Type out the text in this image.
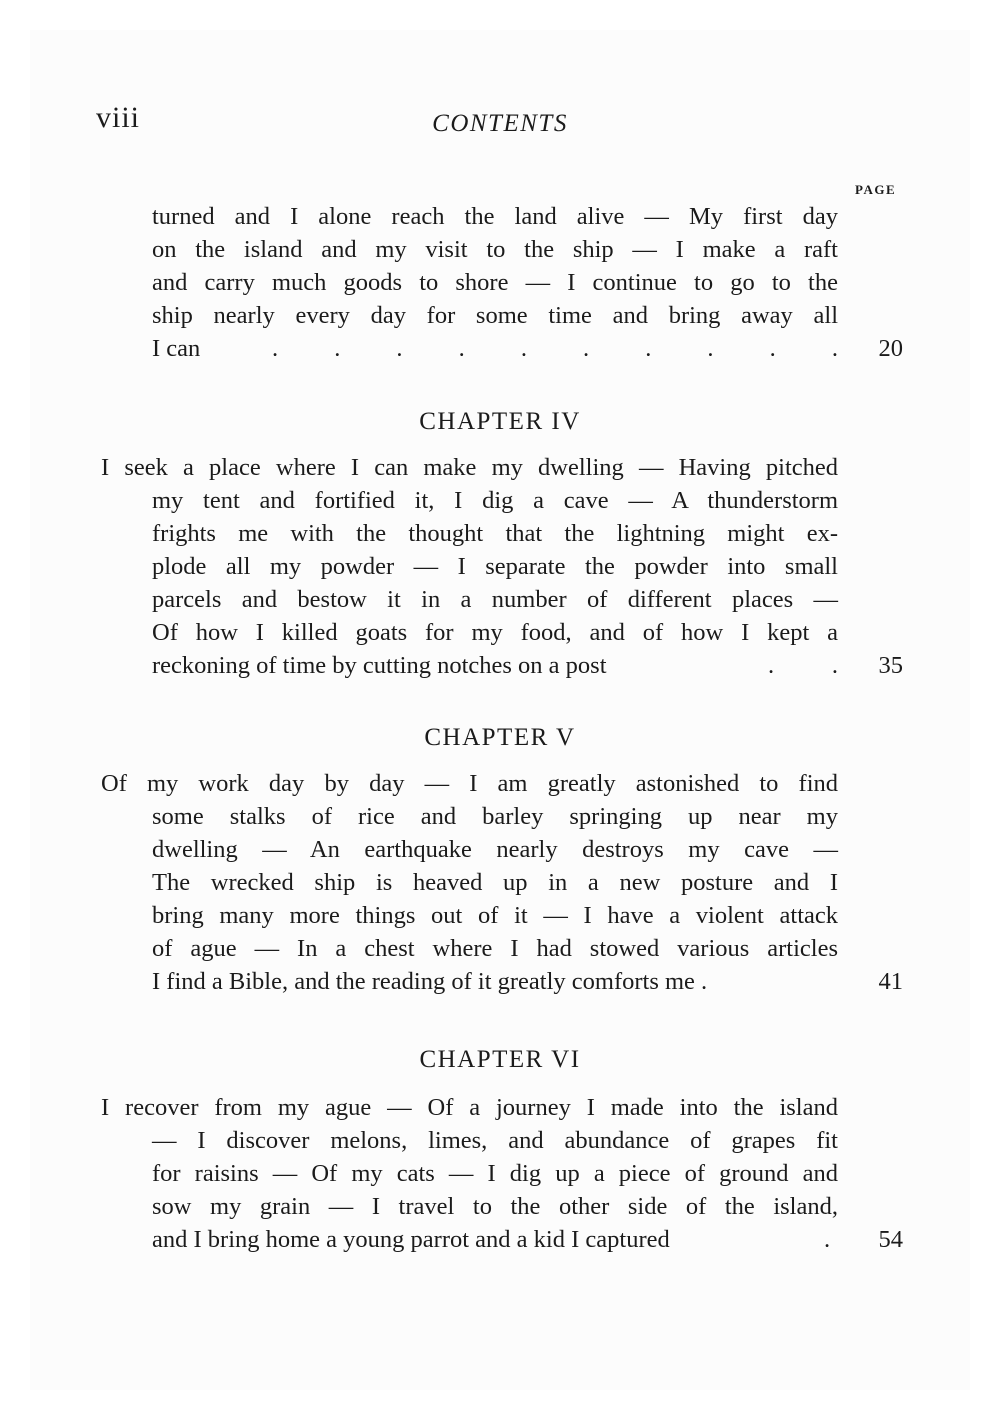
viii	CONTENTS
PAGE
turned and I alone reach the land alive — My first day
on the island and my visit to the ship — I make a raft
and carry much goods to shore — I continue to go to the
ship nearly every day for some time and bring away all
I can	. . . . . . . . . .	20
CHAPTER IV
I seek a place where I can make my dwelling — Having pitched
my tent and fortified it, I dig a cave — A thunderstorm
frights me with the thought that the lightning might ex-
plode all my powder — I separate the powder into small
parcels and bestow it in a number of different places —
Of how I killed goats for my food, and of how I kept a
reckoning of time by cutting notches on a post	. .	35
CHAPTER V
Of my work day by day — I am greatly astonished to find
some stalks of rice and barley springing up near my
dwelling — An earthquake nearly destroys my cave —
The wrecked ship is heaved up in a new posture and I
bring many more things out of it — I have a violent attack
of ague — In a chest where I had stowed various articles
I find a Bible, and the reading of it greatly comforts me .	41
CHAPTER VI
I recover from my ague — Of a journey I made into the island
— I discover melons, limes, and abundance of grapes fit
for raisins — Of my cats — I dig up a piece of ground and
sow my grain — I travel to the other side of the island,
and I bring home a young parrot and a kid I captured	.	54
